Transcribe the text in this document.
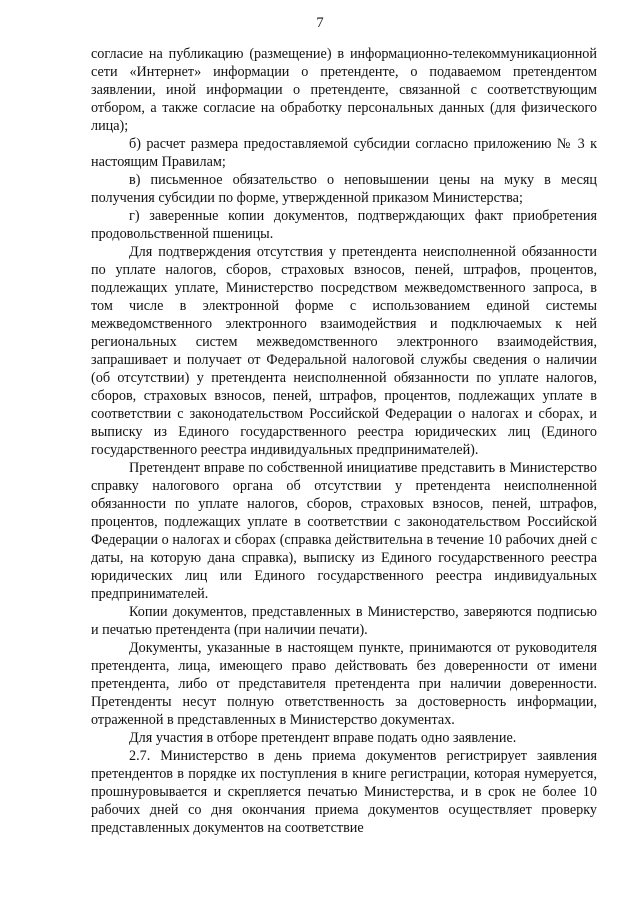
7

согласие на публикацию (размещение) в информационно-телекоммуникационной сети «Интернет» информации о претенденте, о подаваемом претендентом заявлении, иной информации о претенденте, связанной с соответствующим отбором, а также согласие на обработку персональных данных (для физического лица);

б) расчет размера предоставляемой субсидии согласно приложению № 3 к настоящим Правилам;

в) письменное обязательство о неповышении цены на муку в месяц получения субсидии по форме, утвержденной приказом Министерства;

г) заверенные копии документов, подтверждающих факт приобретения продовольственной пшеницы.

Для подтверждения отсутствия у претендента неисполненной обязанности по уплате налогов, сборов, страховых взносов, пеней, штрафов, процентов, подлежащих уплате, Министерство посредством межведомственного запроса, в том числе в электронной форме с использованием единой системы межведомственного электронного взаимодействия и подключаемых к ней региональных систем межведомственного электронного взаимодействия, запрашивает и получает от Федеральной налоговой службы сведения о наличии (об отсутствии) у претендента неисполненной обязанности по уплате налогов, сборов, страховых взносов, пеней, штрафов, процентов, подлежащих уплате в соответствии с законодательством Российской Федерации о налогах и сборах, и выписку из Единого государственного реестра юридических лиц (Единого государственного реестра индивидуальных предпринимателей).

Претендент вправе по собственной инициативе представить в Министерство справку налогового органа об отсутствии у претендента неисполненной обязанности по уплате налогов, сборов, страховых взносов, пеней, штрафов, процентов, подлежащих уплате в соответствии с законодательством Российской Федерации о налогах и сборах (справка действительна в течение 10 рабочих дней с даты, на которую дана справка), выписку из Единого государственного реестра юридических лиц или Единого государственного реестра индивидуальных предпринимателей.

Копии документов, представленных в Министерство, заверяются подписью и печатью претендента (при наличии печати).

Документы, указанные в настоящем пункте, принимаются от руководителя претендента, лица, имеющего право действовать без доверенности от имени претендента, либо от представителя претендента при наличии доверенности. Претенденты несут полную ответственность за достоверность информации, отраженной в представленных в Министерство документах.

Для участия в отборе претендент вправе подать одно заявление.

2.7. Министерство в день приема документов регистрирует заявления претендентов в порядке их поступления в книге регистрации, которая нумеруется, прошнуровывается и скрепляется печатью Министерства, и в срок не более 10 рабочих дней со дня окончания приема документов осуществляет проверку представленных документов на соответствие
